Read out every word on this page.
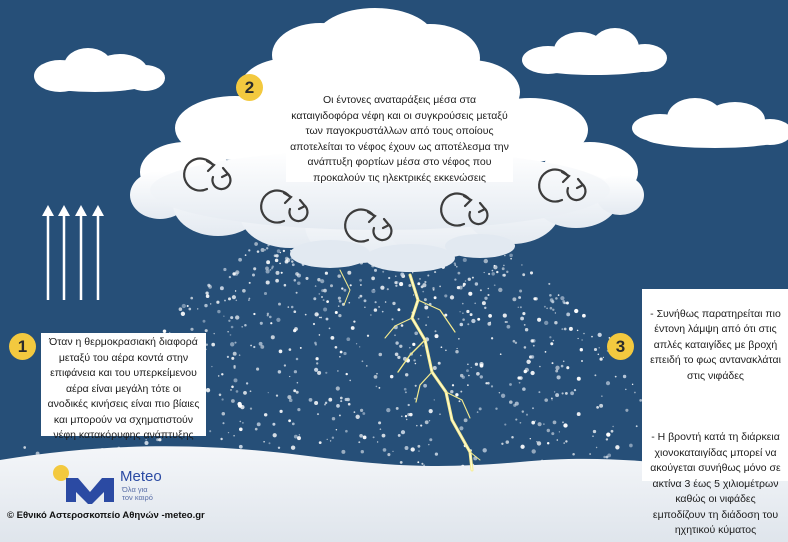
2
Οι έντονες αναταράξεις μέσα στα
καταιγιδοφόρα νέφη και οι συγκρούσεις μεταξύ
των παγοκρυστάλλων από τους οποίους
αποτελείται το νέφος έχουν ως αποτέλεσμα την
ανάπτυξη φορτίων μέσα στο νέφος που
προκαλούν τις ηλεκτρικές εκκενώσεις
1	Όταν η θερμοκρασιακή διαφορά
μεταξύ του αέρα κοντά στην
επιφάνεια και του υπερκείμενου
αέρα είναι μεγάλη τότε οι
ανοδικές κινήσεις είναι πιο βίαιες
και μπορούν να σχηματιστούν
νέφη κατακόρυφης ανάπτυξης
3

- Συνήθως παρατηρείται πιο
έντονη λάμψη από ότι στις
απλές καταιγίδες με βροχή
επειδή το φως αντανακλάται
στις νιφάδες

- Η βροντή κατά τη διάρκεια
χιονοκαταιγίδας μπορεί να
ακούγεται συνήθως μόνο σε
ακτίνα 3 έως 5 χιλιομέτρων
καθώς οι νιφάδες
εμποδίζουν τη διάδοση του
ηχητικού κύματος

Meteo
Όλα για
τον καιρό
© Εθνικό Αστεροσκοπείο Αθηνών -meteo.gr
